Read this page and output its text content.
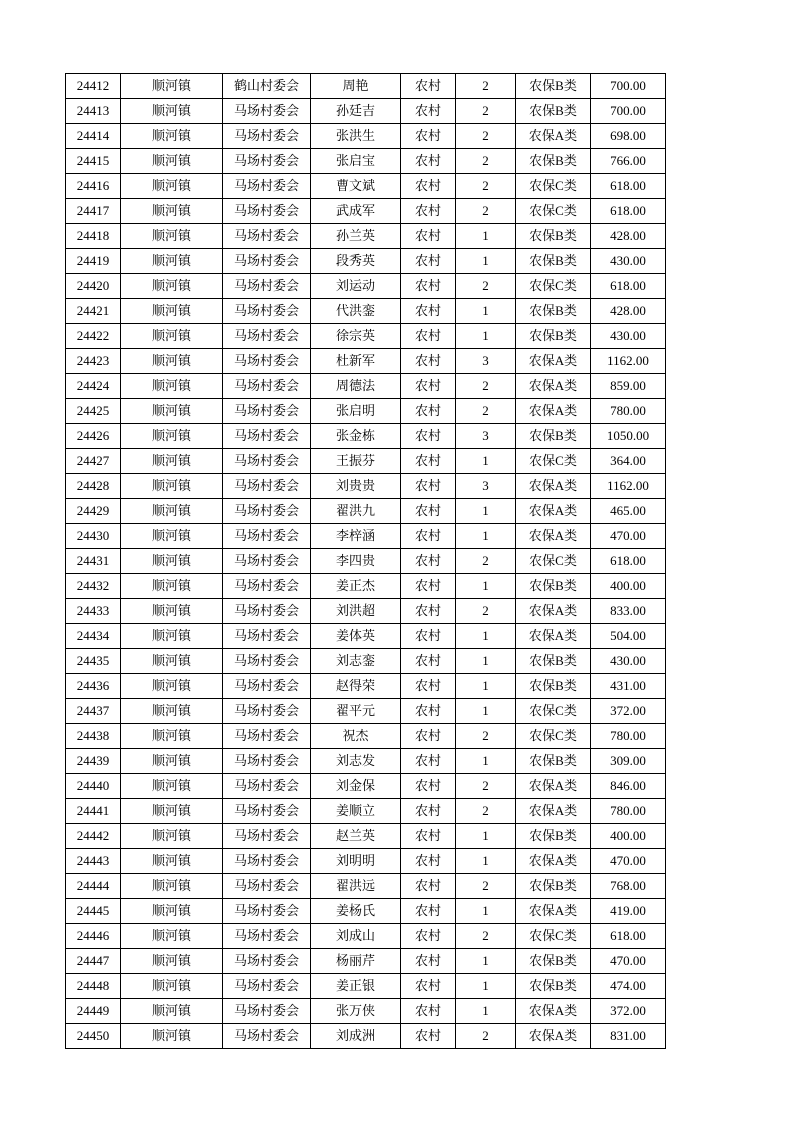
24412	顺河镇	鹤山村委会	周艳	农村	2	农保B类	700.00
24413	顺河镇	马场村委会	孙廷吉	农村	2	农保B类	700.00
24414	顺河镇	马场村委会	张洪生	农村	2	农保A类	698.00
24415	顺河镇	马场村委会	张启宝	农村	2	农保B类	766.00
24416	顺河镇	马场村委会	曹文斌	农村	2	农保C类	618.00
24417	顺河镇	马场村委会	武成军	农村	2	农保C类	618.00
24418	顺河镇	马场村委会	孙兰英	农村	1	农保B类	428.00
24419	顺河镇	马场村委会	段秀英	农村	1	农保B类	430.00
24420	顺河镇	马场村委会	刘运动	农村	2	农保C类	618.00
24421	顺河镇	马场村委会	代洪銮	农村	1	农保B类	428.00
24422	顺河镇	马场村委会	徐宗英	农村	1	农保B类	430.00
24423	顺河镇	马场村委会	杜新军	农村	3	农保A类	1162.00
24424	顺河镇	马场村委会	周德法	农村	2	农保A类	859.00
24425	顺河镇	马场村委会	张启明	农村	2	农保A类	780.00
24426	顺河镇	马场村委会	张金栋	农村	3	农保B类	1050.00
24427	顺河镇	马场村委会	王振芬	农村	1	农保C类	364.00
24428	顺河镇	马场村委会	刘贵贵	农村	3	农保A类	1162.00
24429	顺河镇	马场村委会	翟洪九	农村	1	农保A类	465.00
24430	顺河镇	马场村委会	李梓涵	农村	1	农保A类	470.00
24431	顺河镇	马场村委会	李四贵	农村	2	农保C类	618.00
24432	顺河镇	马场村委会	姜正杰	农村	1	农保B类	400.00
24433	顺河镇	马场村委会	刘洪超	农村	2	农保A类	833.00
24434	顺河镇	马场村委会	姜体英	农村	1	农保A类	504.00
24435	顺河镇	马场村委会	刘志銮	农村	1	农保B类	430.00
24436	顺河镇	马场村委会	赵得荣	农村	1	农保B类	431.00
24437	顺河镇	马场村委会	翟平元	农村	1	农保C类	372.00
24438	顺河镇	马场村委会	祝杰	农村	2	农保C类	780.00
24439	顺河镇	马场村委会	刘志发	农村	1	农保B类	309.00
24440	顺河镇	马场村委会	刘金保	农村	2	农保A类	846.00
24441	顺河镇	马场村委会	姜顺立	农村	2	农保A类	780.00
24442	顺河镇	马场村委会	赵兰英	农村	1	农保B类	400.00
24443	顺河镇	马场村委会	刘明明	农村	1	农保A类	470.00
24444	顺河镇	马场村委会	翟洪远	农村	2	农保B类	768.00
24445	顺河镇	马场村委会	姜杨氏	农村	1	农保A类	419.00
24446	顺河镇	马场村委会	刘成山	农村	2	农保C类	618.00
24447	顺河镇	马场村委会	杨丽芹	农村	1	农保B类	470.00
24448	顺河镇	马场村委会	姜正银	农村	1	农保B类	474.00
24449	顺河镇	马场村委会	张万侠	农村	1	农保A类	372.00
24450	顺河镇	马场村委会	刘成洲	农村	2	农保A类	831.00
